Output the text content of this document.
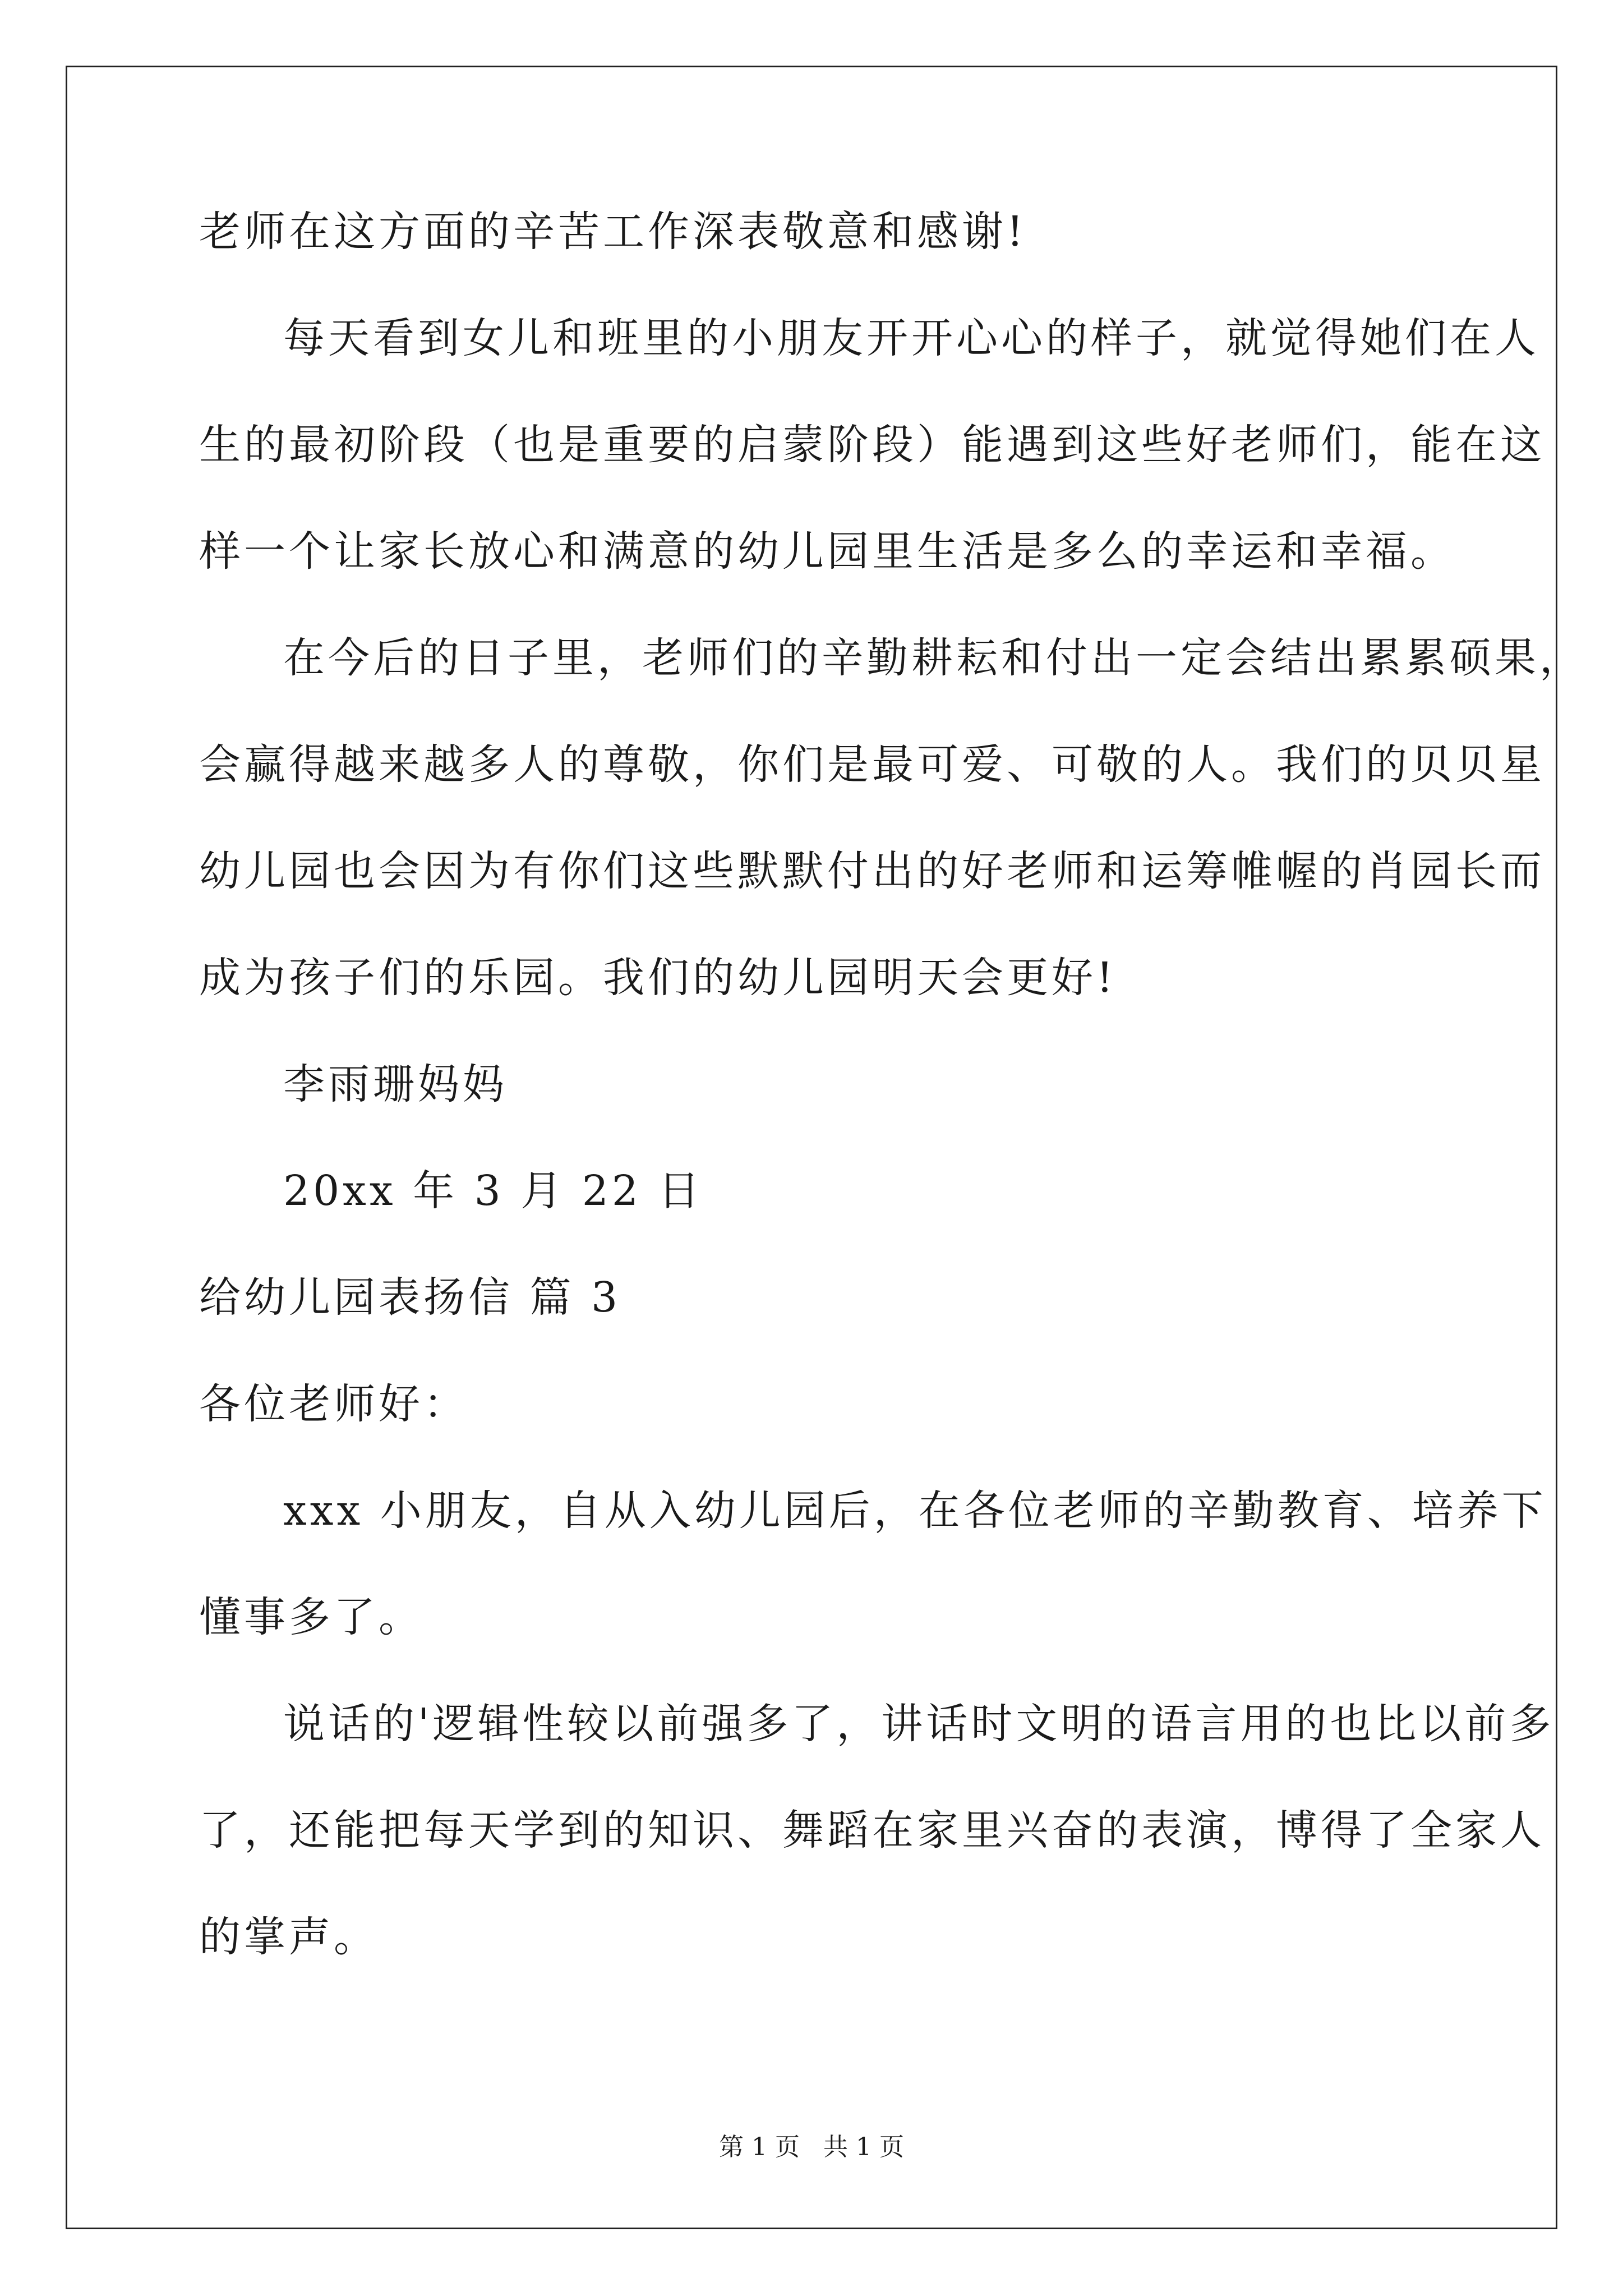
老师在这方面的辛苦工作深表敬意和感谢!
每天看到女儿和班里的小朋友开开心心的样子，就觉得她们在人
生的最初阶段（也是重要的启蒙阶段）能遇到这些好老师们，能在这
样一个让家长放心和满意的幼儿园里生活是多么的幸运和幸福。
在今后的日子里，老师们的辛勤耕耘和付出一定会结出累累硕果，
会赢得越来越多人的尊敬，你们是最可爱、可敬的人。我们的贝贝星
幼儿园也会因为有你们这些默默付出的好老师和运筹帷幄的肖园长而
成为孩子们的乐园。我们的幼儿园明天会更好!
李雨珊妈妈
20xx 年 3 月 22 日
给幼儿园表扬信 篇 3
各位老师好：
xxx 小朋友，自从入幼儿园后，在各位老师的辛勤教育、培养下
懂事多了。
说话的'逻辑性较以前强多了，讲话时文明的语言用的也比以前多
了，还能把每天学到的知识、舞蹈在家里兴奋的表演，博得了全家人
的掌声。
第 1 页 共 1 页
